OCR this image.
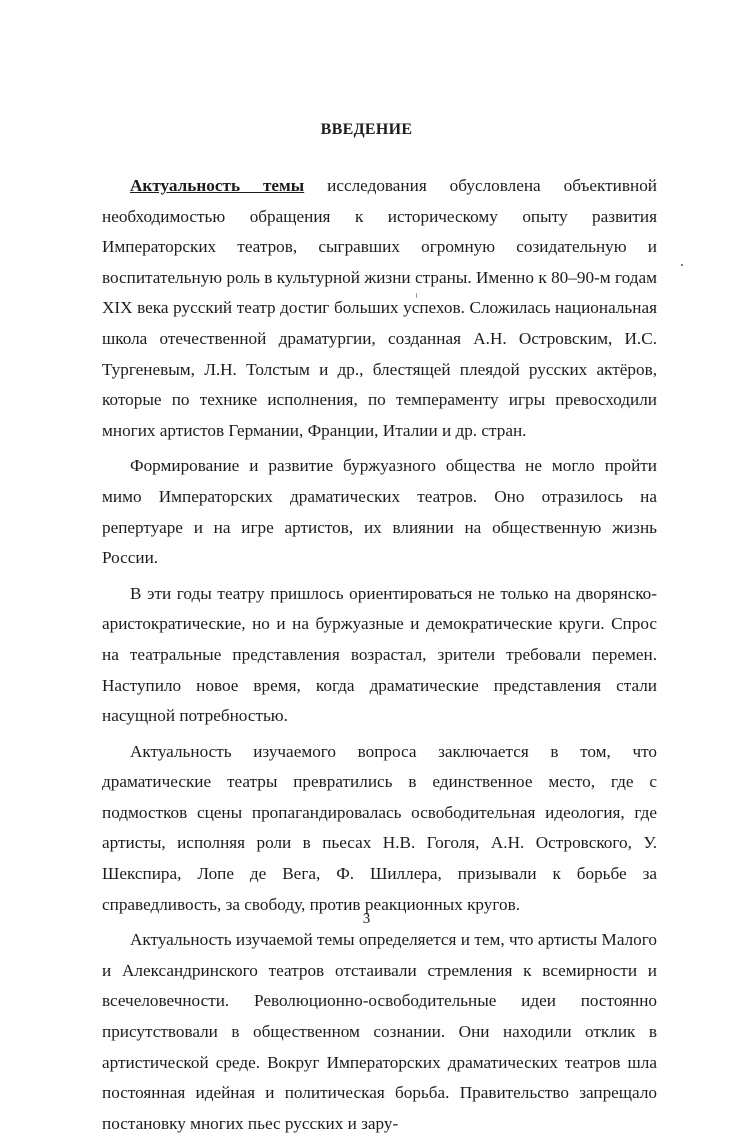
ВВЕДЕНИЕ

Актуальность темы исследования обусловлена объективной необходимостью обращения к историческому опыту развития Императорских театров, сыгравших огромную созидательную и воспитательную роль в культурной жизни страны. Именно к 80–90-м годам XIX века русский театр достиг больших успехов. Сложилась национальная школа отечественной драматургии, созданная А.Н. Островским, И.С. Тургеневым, Л.Н. Толстым и др., блестящей плеядой русских актёров, которые по технике исполнения, по темпераменту игры превосходили многих артистов Германии, Франции, Италии и др. стран.

Формирование и развитие буржуазного общества не могло пройти мимо Императорских драматических театров. Оно отразилось на репертуаре и на игре артистов, их влиянии на общественную жизнь России.

В эти годы театру пришлось ориентироваться не только на дворянско-аристократические, но и на буржуазные и демократические круги. Спрос на театральные представления возрастал, зрители требовали перемен. Наступило новое время, когда драматические представления стали насущной потребностью.

Актуальность изучаемого вопроса заключается в том, что драматические театры превратились в единственное место, где с подмостков сцены пропагандировалась освободительная идеология, где артисты, исполняя роли в пьесах Н.В. Гоголя, А.Н. Островского, У. Шекспира, Лопе де Вега, Ф. Шиллера, призывали к борьбе за справедливость, за свободу, против реакционных кругов.

Актуальность изучаемой темы определяется и тем, что артисты Малого и Александринского театров отстаивали стремления к всемирности и всечеловечности. Революционно-освободительные идеи постоянно присутствовали в общественном сознании. Они находили отклик в артистической среде. Вокруг Императорских драматических театров шла постоянная идейная и политическая борьба. Правительство запрещало постановку многих пьес русских и зару-

3
